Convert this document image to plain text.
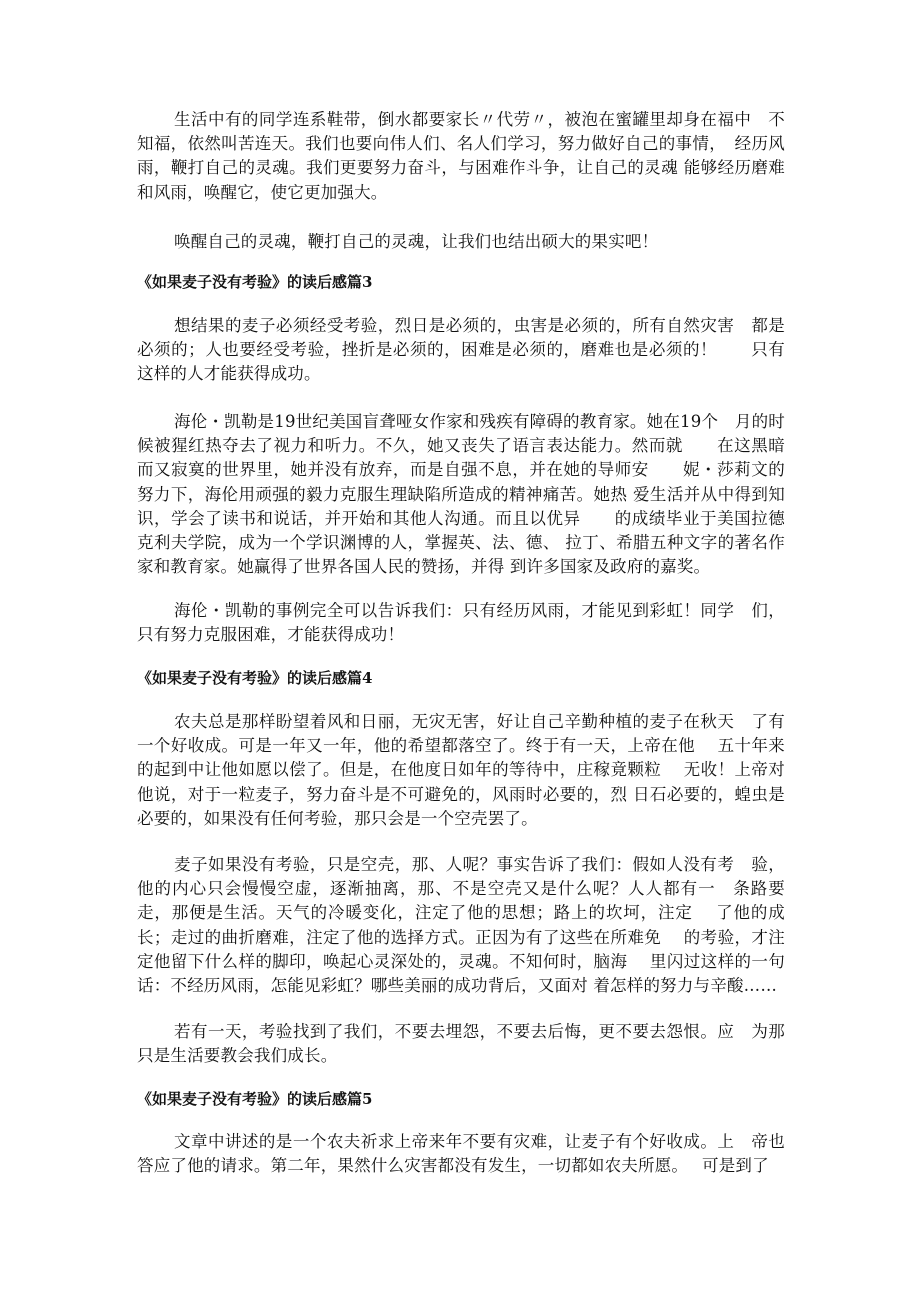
生活中有的同学连系鞋带，倒水都要家长〃代劳〃，被泡在蜜罐里却身在福中　不知福，依然叫苦连天。我们也要向伟人们、名人们学习，努力做好自己的事情，　经历风雨，鞭打自己的灵魂。我们更要努力奋斗，与困难作斗争，让自己的灵魂 能够经历磨难和风雨，唤醒它，使它更加强大。

唤醒自己的灵魂，鞭打自己的灵魂，让我们也结出硕大的果实吧！

《如果麦子没有考验》的读后感篇3

想结果的麦子必须经受考验，烈日是必须的，虫害是必须的，所有自然灾害　都是必须的；人也要经受考验，挫折是必须的，困难是必须的，磨难也是必须的！　　只有这样的人才能获得成功。

海伦・凯勒是19世纪美国盲聋哑女作家和残疾有障碍的教育家。她在19个　月的时候被猩红热夺去了视力和听力。不久，她又丧失了语言表达能力。然而就　　在这黑暗而又寂寞的世界里，她并没有放弃，而是自强不息，并在她的导师安　　妮・莎莉文的努力下，海伦用顽强的毅力克服生理缺陷所造成的精神痛苦。她热 爱生活并从中得到知识，学会了读书和说话，并开始和其他人沟通。而且以优异　　的成绩毕业于美国拉德克利夫学院，成为一个学识渊博的人，掌握英、法、德、 拉丁、希腊五种文字的著名作家和教育家。她赢得了世界各国人民的赞扬，并得 到许多国家及政府的嘉奖。

海伦・凯勒的事例完全可以告诉我们：只有经历风雨，才能见到彩虹！同学　们，只有努力克服困难，才能获得成功！

《如果麦子没有考验》的读后感篇4

农夫总是那样盼望着风和日丽，无灾无害，好让自己辛勤种植的麦子在秋天　了有一个好收成。可是一年又一年，他的希望都落空了。终于有一天，上帝在他　 五十年来的起到中让他如愿以偿了。但是，在他度日如年的等待中，庄稼竟颗粒　 无收！上帝对他说，对于一粒麦子，努力奋斗是不可避免的，风雨时必要的，烈 日石必要的，蝗虫是必要的，如果没有任何考验，那只会是一个空壳罢了。

麦子如果没有考验，只是空壳，那、人呢？事实告诉了我们：假如人没有考　验，他的内心只会慢慢空虚，逐渐抽离，那、不是空壳又是什么呢？人人都有一　条路要走，那便是生活。天气的冷暖变化，注定了他的思想；路上的坎坷，注定　 了他的成长；走过的曲折磨难，注定了他的选择方式。正因为有了这些在所难免　 的考验，才注定他留下什么样的脚印，唤起心灵深处的，灵魂。不知何时，脑海　 里闪过这样的一句话：不经历风雨，怎能见彩虹？哪些美丽的成功背后，又面对 着怎样的努力与辛酸……

若有一天，考验找到了我们，不要去埋怨，不要去后悔，更不要去怨恨。应　为那只是生活要教会我们成长。

《如果麦子没有考验》的读后感篇5

文章中讲述的是一个农夫祈求上帝来年不要有灾难，让麦子有个好收成。上　帝也答应了他的请求。第二年，果然什么灾害都没有发生，一切都如农夫所愿。　 可是到了
